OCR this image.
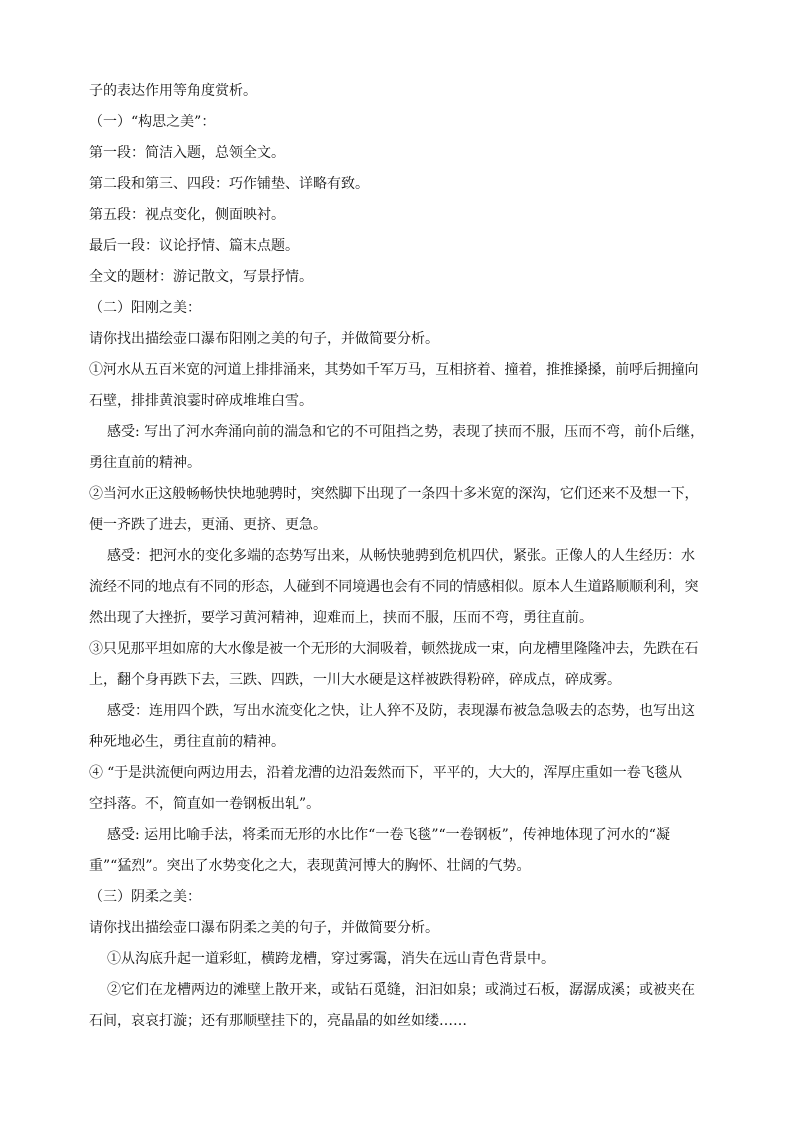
子的表达作用等角度赏析。
（一）“构思之美”：
第一段：简洁入题，总领全文。
第二段和第三、四段：巧作铺垫、详略有致。
第五段：视点变化，侧面映衬。
最后一段：议论抒情、篇末点题。
全文的题材：游记散文，写景抒情。
（二）阳刚之美：
请你找出描绘壶口瀑布阳刚之美的句子，并做简要分析。
①河水从五百米宽的河道上排排涌来，其势如千军万马，互相挤着、撞着，推推搡搡，前呼后拥撞向
石壁，排排黄浪霎时碎成堆堆白雪。
感受: 写出了河水奔涌向前的湍急和它的不可阻挡之势，表现了挟而不服，压而不弯，前仆后继，
勇往直前的精神。
②当河水正这般畅畅快快地驰骋时，突然脚下出现了一条四十多米宽的深沟，它们还来不及想一下，
便一齐跌了进去，更涌、更挤、更急。
感受：把河水的变化多端的态势写出来，从畅快驰骋到危机四伏，紧张。正像人的人生经历：水
流经不同的地点有不同的形态，人碰到不同境遇也会有不同的情感相似。原本人生道路顺顺利利，突
然出现了大挫折，要学习黄河精神，迎难而上，挟而不服，压而不弯，勇往直前。
③只见那平坦如席的大水像是被一个无形的大洞吸着，顿然拢成一束，向龙槽里隆隆冲去，先跌在石
上，翻个身再跌下去，三跌、四跌，一川大水硬是这样被跌得粉碎，碎成点，碎成雾。
感受：连用四个跌，写出水流变化之快，让人猝不及防，表现瀑布被急急吸去的态势，也写出这
种死地必生，勇往直前的精神。
④ “于是洪流便向两边用去，沿着龙漕的边沿轰然而下，平平的，大大的，浑厚庄重如一卷飞毯从
空抖落。不，简直如一卷钢板出轧”。
感受: 运用比喻手法，将柔而无形的水比作“一卷飞毯”“一卷钢板”，传神地体现了河水的“凝
重”“猛烈”。突出了水势变化之大，表现黄河博大的胸怀、壮阔的气势。
（三）阴柔之美：
请你找出描绘壶口瀑布阴柔之美的句子，并做简要分析。
①从沟底升起一道彩虹，横跨龙槽，穿过雾霭，消失在远山青色背景中。
②它们在龙槽两边的滩壁上散开来，或钻石觅缝，汩汩如泉；或淌过石板，潺潺成溪；或被夹在
石间，哀哀打漩；还有那顺壁挂下的，亮晶晶的如丝如缕……
